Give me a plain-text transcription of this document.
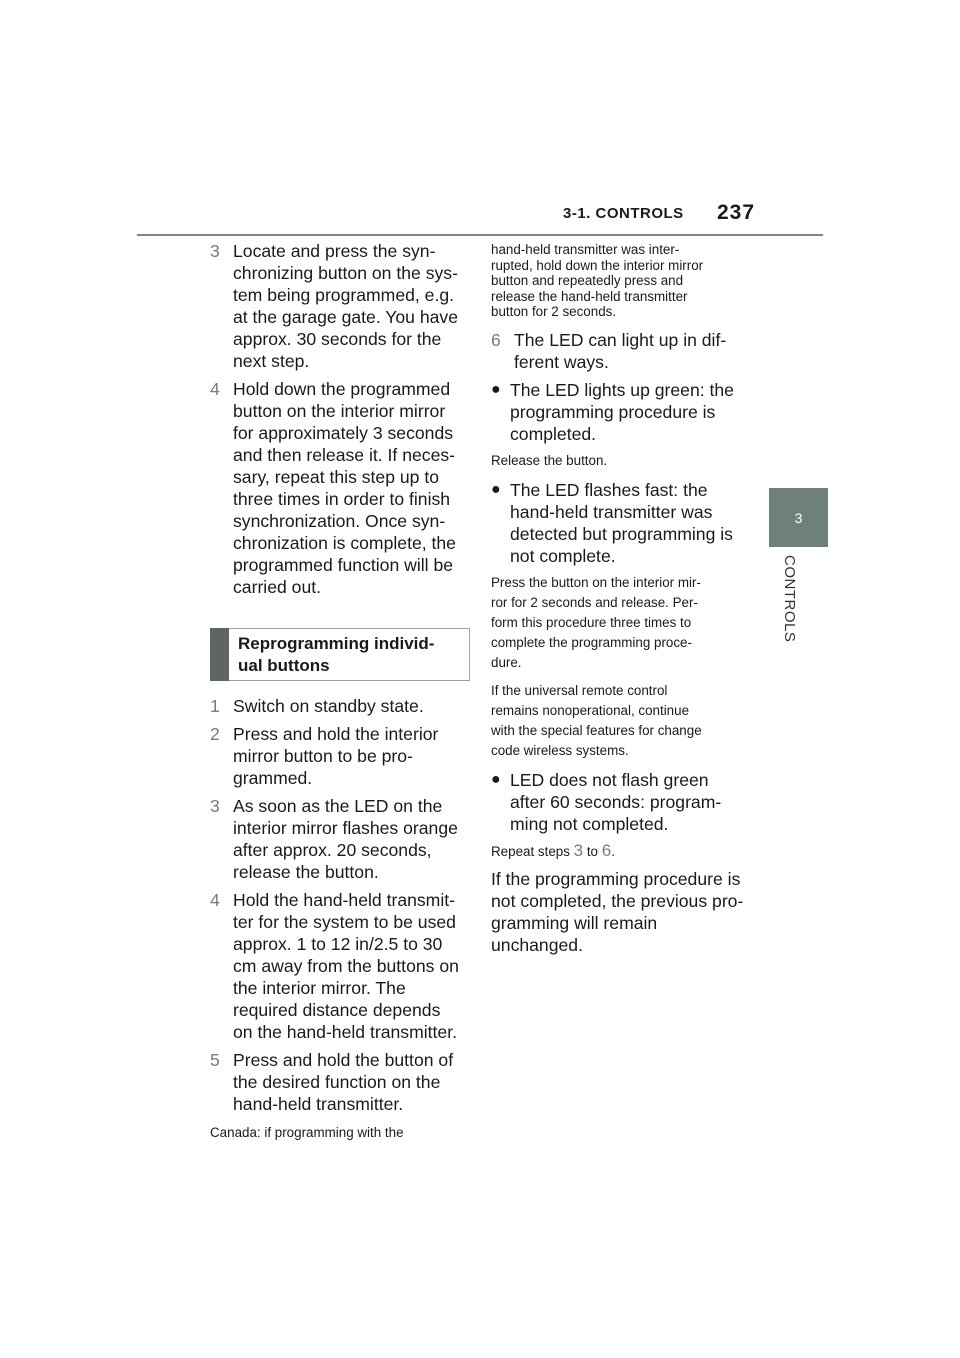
3-1. CONTROLS 237
3
CONTROLS
3 Locate and press the syn-
chronizing button on the sys-
tem being programmed, e.g.
at the garage gate. You have
approx. 30 seconds for the
next step.
4 Hold down the programmed
button on the interior mirror
for approximately 3 seconds
and then release it. If neces-
sary, repeat this step up to
three times in order to finish
synchronization. Once syn-
chronization is complete, the
programmed function will be
carried out.
Reprogramming individ-
ual buttons
1 Switch on standby state.
2 Press and hold the interior
mirror button to be pro-
grammed.
3 As soon as the LED on the
interior mirror flashes orange
after approx. 20 seconds,
release the button.
4 Hold the hand-held transmit-
ter for the system to be used
approx. 1 to 12 in/2.5 to 30
cm away from the buttons on
the interior mirror. The
required distance depends
on the hand-held transmitter.
5 Press and hold the button of
the desired function on the
hand-held transmitter.
Canada: if programming with the
hand-held transmitter was inter-
rupted, hold down the interior mirror
button and repeatedly press and
release the hand-held transmitter
button for 2 seconds.
6 The LED can light up in dif-
ferent ways.
● The LED lights up green: the
programming procedure is
completed.
Release the button.
● The LED flashes fast: the
hand-held transmitter was
detected but programming is
not complete.
Press the button on the interior mir-
ror for 2 seconds and release. Per-
form this procedure three times to
complete the programming proce-
dure.
If the universal remote control
remains nonoperational, continue
with the special features for change
code wireless systems.
● LED does not flash green
after 60 seconds: program-
ming not completed.
Repeat steps 3 to 6.
If the programming procedure is
not completed, the previous pro-
gramming will remain
unchanged.
